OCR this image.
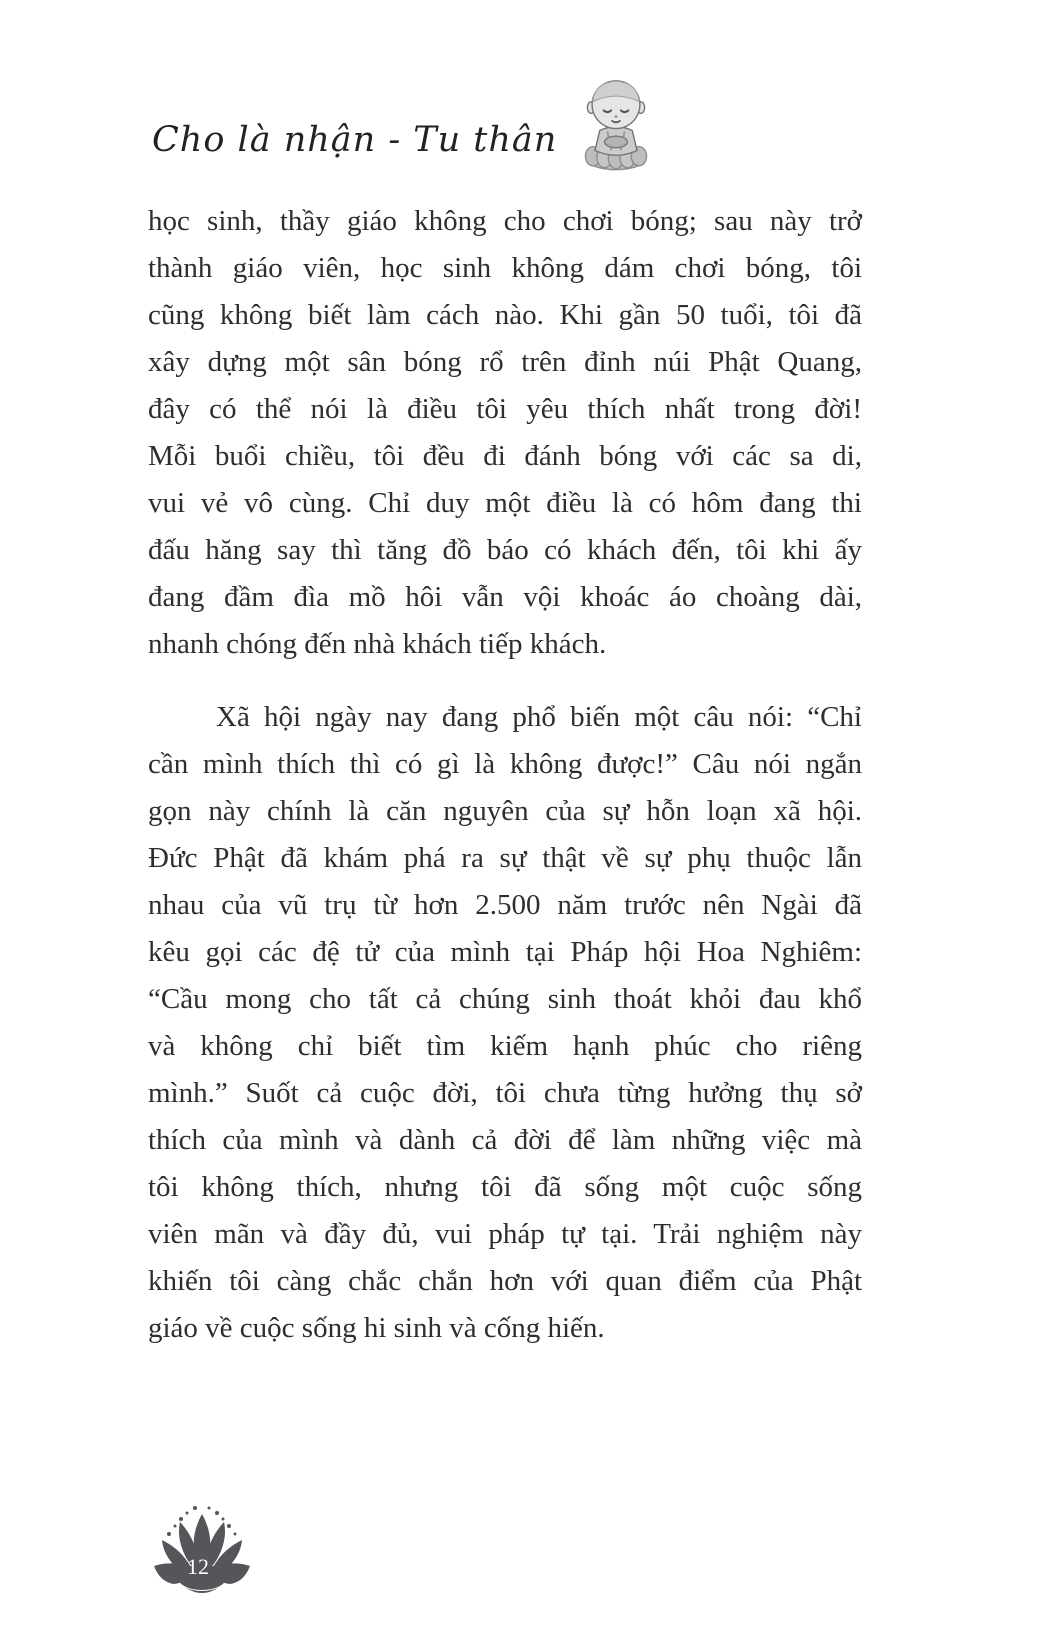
Cho là nhận - Tu thân
học sinh, thầy giáo không cho chơi bóng; sau này trở
thành giáo viên, học sinh không dám chơi bóng, tôi
cũng không biết làm cách nào. Khi gần 50 tuổi, tôi đã
xây dựng một sân bóng rổ trên đỉnh núi Phật Quang,
đây có thể nói là điều tôi yêu thích nhất trong đời!
Mỗi buổi chiều, tôi đều đi đánh bóng với các sa di,
vui vẻ vô cùng. Chỉ duy một điều là có hôm đang thi
đấu hăng say thì tăng đồ báo có khách đến, tôi khi ấy
đang đầm đìa mồ hôi vẫn vội khoác áo choàng dài,
nhanh chóng đến nhà khách tiếp khách.
Xã hội ngày nay đang phổ biến một câu nói: “Chỉ
cần mình thích thì có gì là không được!” Câu nói ngắn
gọn này chính là căn nguyên của sự hỗn loạn xã hội.
Đức Phật đã khám phá ra sự thật về sự phụ thuộc lẫn
nhau của vũ trụ từ hơn 2.500 năm trước nên Ngài đã
kêu gọi các đệ tử của mình tại Pháp hội Hoa Nghiêm:
“Cầu mong cho tất cả chúng sinh thoát khỏi đau khổ
và không chỉ biết tìm kiếm hạnh phúc cho riêng
mình.” Suốt cả cuộc đời, tôi chưa từng hưởng thụ sở
thích của mình và dành cả đời để làm những việc mà
tôi không thích, nhưng tôi đã sống một cuộc sống
viên mãn và đầy đủ, vui pháp tự tại. Trải nghiệm này
khiến tôi càng chắc chắn hơn với quan điểm của Phật
giáo về cuộc sống hi sinh và cống hiến.
12
